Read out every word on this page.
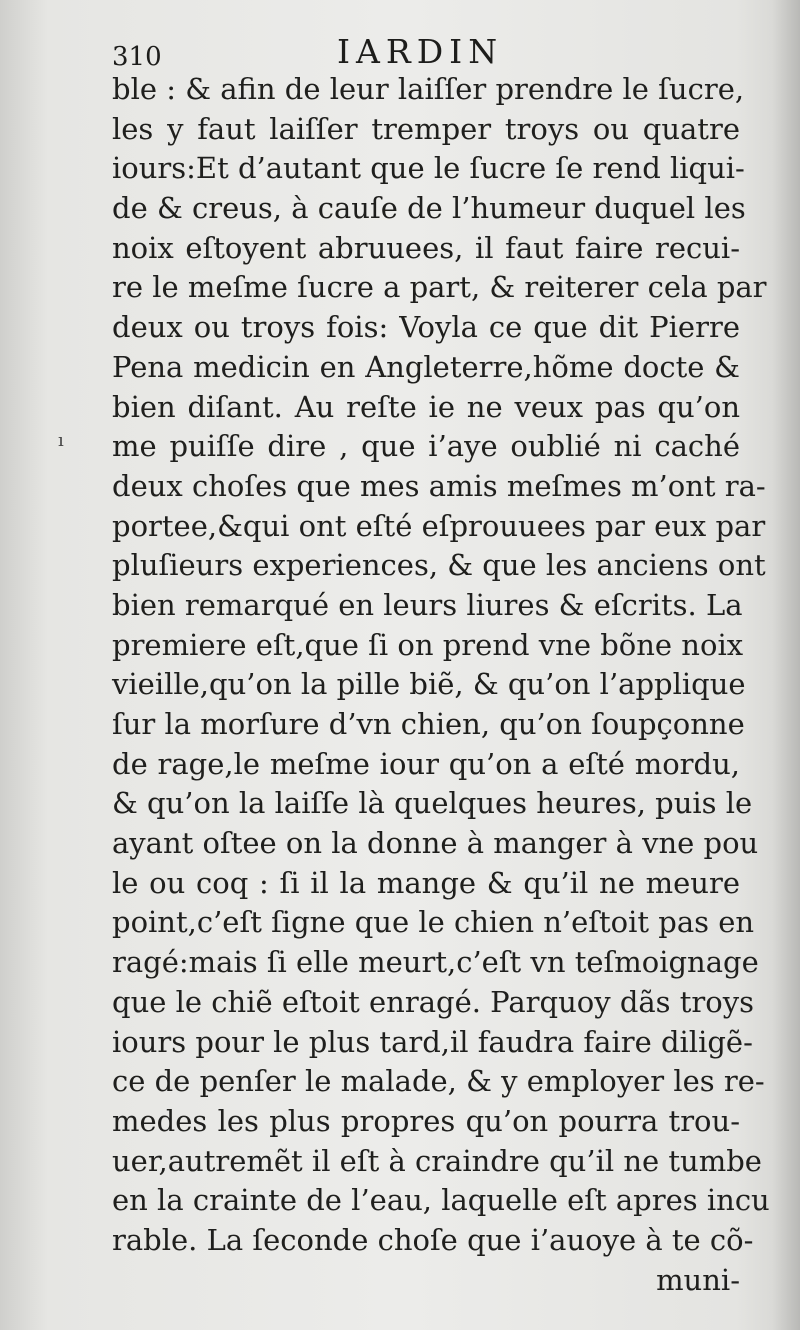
310	IARDIN
ı
ble : & afin de leur laiſſer prendre le ſucre,
les y faut laiſſer tremper troys ou quatre
iours:Et d’autant que le ſucre ſe rend liqui-
de & creus, à cauſe de l’humeur duquel les
noix eſtoyent abruuees, il faut faire recui-
re le meſme ſucre a part, & reiterer cela par
deux ou troys fois: Voyla ce que dit Pierre
Pena medicin en Angleterre,hõme docte &
bien diſant. Au reſte ie ne veux pas qu’on
me puiſſe dire , que i’aye oublié ni caché
deux choſes que mes amis meſmes m’ont ra-
portee,&qui ont eſté eſprouuees par eux par
pluſieurs experiences, & que les anciens ont
bien remarqué en leurs liures & eſcrits. La
premiere eſt,que ſi on prend vne bõne noix
vieille,qu’on la pille biẽ, & qu’on l’applique
ſur la morſure d’vn chien, qu’on ſoupçonne
de rage,le meſme iour qu’on a eſté mordu,
& qu’on la laiſſe là quelques heures, puis le
ayant oſtee on la donne à manger à vne pou
le ou coq : ſi il la mange & qu’il ne meure
point,c’eſt ſigne que le chien n’eſtoit pas en
ragé:mais ſi elle meurt,c’eſt vn teſmoignage
que le chiẽ eſtoit enragé. Parquoy dãs troys
iours pour le plus tard,il faudra faire diligẽ-
ce de penſer le malade, & y employer les re-
medes les plus propres qu’on pourra trou-
uer,autremẽt il eſt à craindre qu’il ne tumbe
en la crainte de l’eau, laquelle eſt apres incu
rable. La ſeconde choſe que i’auoye à te cõ-
muni-
